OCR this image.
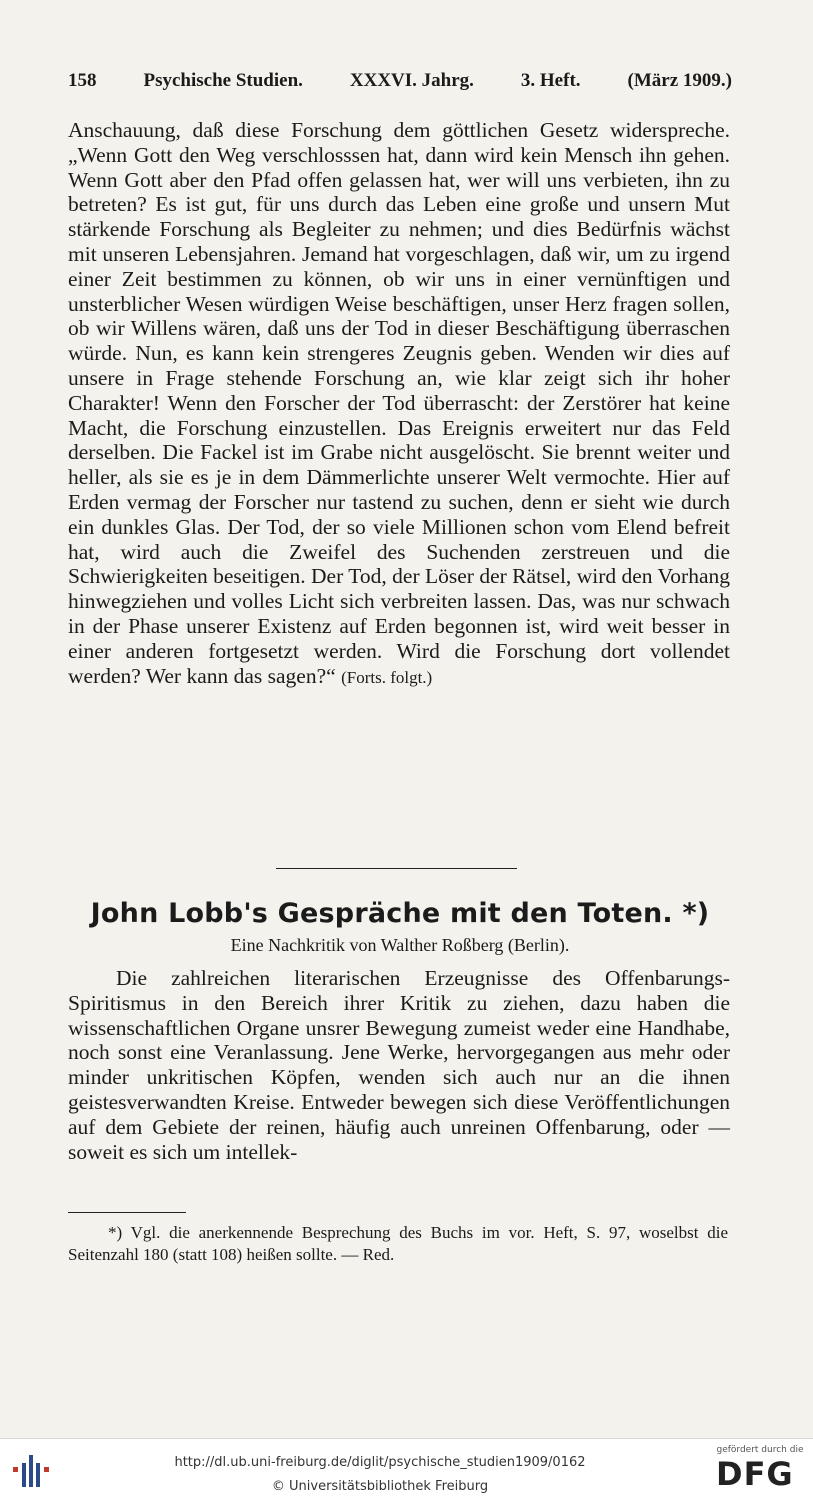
158 Psychische Studien. XXXVI. Jahrg. 3. Heft. (März 1909.)

Anschauung, daß diese Forschung dem göttlichen Gesetz widerspreche. „Wenn Gott den Weg verschlosssen hat, dann wird kein Mensch ihn gehen. Wenn Gott aber den Pfad offen gelassen hat, wer will uns verbieten, ihn zu betreten? Es ist gut, für uns durch das Leben eine große und unsern Mut stärkende Forschung als Begleiter zu nehmen; und dies Bedürfnis wächst mit unseren Lebensjahren. Jemand hat vorgeschlagen, daß wir, um zu irgend einer Zeit bestimmen zu können, ob wir uns in einer vernünftigen und unsterblicher Wesen würdigen Weise beschäftigen, unser Herz fragen sollen, ob wir Willens wären, daß uns der Tod in dieser Beschäftigung überraschen würde. Nun, es kann kein strengeres Zeugnis geben. Wenden wir dies auf unsere in Frage stehende Forschung an, wie klar zeigt sich ihr hoher Charakter! Wenn den Forscher der Tod überrascht: der Zerstörer hat keine Macht, die Forschung einzustellen. Das Ereignis erweitert nur das Feld derselben. Die Fackel ist im Grabe nicht ausgelöscht. Sie brennt weiter und heller, als sie es je in dem Dämmerlichte unserer Welt vermochte. Hier auf Erden vermag der Forscher nur tastend zu suchen, denn er sieht wie durch ein dunkles Glas. Der Tod, der so viele Millionen schon vom Elend befreit hat, wird auch die Zweifel des Suchenden zerstreuen und die Schwierigkeiten beseitigen. Der Tod, der Löser der Rätsel, wird den Vorhang hinwegziehen und volles Licht sich verbreiten lassen. Das, was nur schwach in der Phase unserer Existenz auf Erden begonnen ist, wird weit besser in einer anderen fortgesetzt werden. Wird die Forschung dort vollendet werden? Wer kann das sagen?“ (Forts. folgt.)

John Lobb's Gespräche mit den Toten. *)
Eine Nachkritik von Walther Roßberg (Berlin).

Die zahlreichen literarischen Erzeugnisse des Offenbarungs-Spiritismus in den Bereich ihrer Kritik zu ziehen, dazu haben die wissenschaftlichen Organe unsrer Bewegung zumeist weder eine Handhabe, noch sonst eine Veranlassung. Jene Werke, hervorgegangen aus mehr oder minder unkritischen Köpfen, wenden sich auch nur an die ihnen geistesverwandten Kreise. Entweder bewegen sich diese Veröffentlichungen auf dem Gebiete der reinen, häufig auch unreinen Offenbarung, oder — soweit es sich um intellek-

*) Vgl. die anerkennende Besprechung des Buchs im vor. Heft, S. 97, woselbst die Seitenzahl 180 (statt 108) heißen sollte. — Red.

http://dl.ub.uni-freiburg.de/diglit/psychische_studien1909/0162
© Universitätsbibliothek Freiburg
gefördert durch die
DFG
